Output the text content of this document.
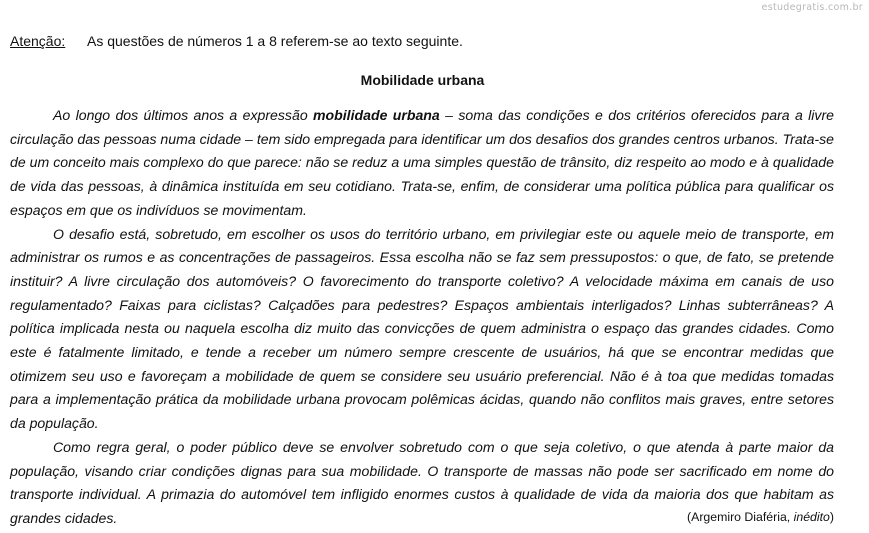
estudegratis.com.br
Atenção: As questões de números 1 a 8 referem-se ao texto seguinte.
Mobilidade urbana

Ao longo dos últimos anos a expressão mobilidade urbana – soma das condições e dos critérios oferecidos para a livre circulação das pessoas numa cidade – tem sido empregada para identificar um dos desafios dos grandes centros urbanos. Trata-se de um conceito mais complexo do que parece: não se reduz a uma simples questão de trânsito, diz respeito ao modo e à qualidade de vida das pessoas, à dinâmica instituída em seu cotidiano. Trata-se, enfim, de considerar uma política pública para qualificar os espaços em que os indivíduos se movimentam.

O desafio está, sobretudo, em escolher os usos do território urbano, em privilegiar este ou aquele meio de transporte, em administrar os rumos e as concentrações de passageiros. Essa escolha não se faz sem pressupostos: o que, de fato, se pretende instituir? A livre circulação dos automóveis? O favorecimento do transporte coletivo? A velocidade máxima em canais de uso regulamentado? Faixas para ciclistas? Calçadões para pedestres? Espaços ambientais interligados? Linhas subterrâneas? A política implicada nesta ou naquela escolha diz muito das convicções de quem administra o espaço das grandes cidades. Como este é fatalmente limitado, e tende a receber um número sempre crescente de usuários, há que se encontrar medidas que otimizem seu uso e favoreçam a mobilidade de quem se considere seu usuário preferencial. Não é à toa que medidas tomadas para a implementação prática da mobilidade urbana provocam polêmicas ácidas, quando não conflitos mais graves, entre setores da população.

Como regra geral, o poder público deve se envolver sobretudo com o que seja coletivo, o que atenda à parte maior da população, visando criar condições dignas para sua mobilidade. O transporte de massas não pode ser sacrificado em nome do transporte individual. A primazia do automóvel tem infligido enormes custos à qualidade de vida da maioria dos que habitam as grandes cidades.	(Argemiro Diaféria, inédito)
